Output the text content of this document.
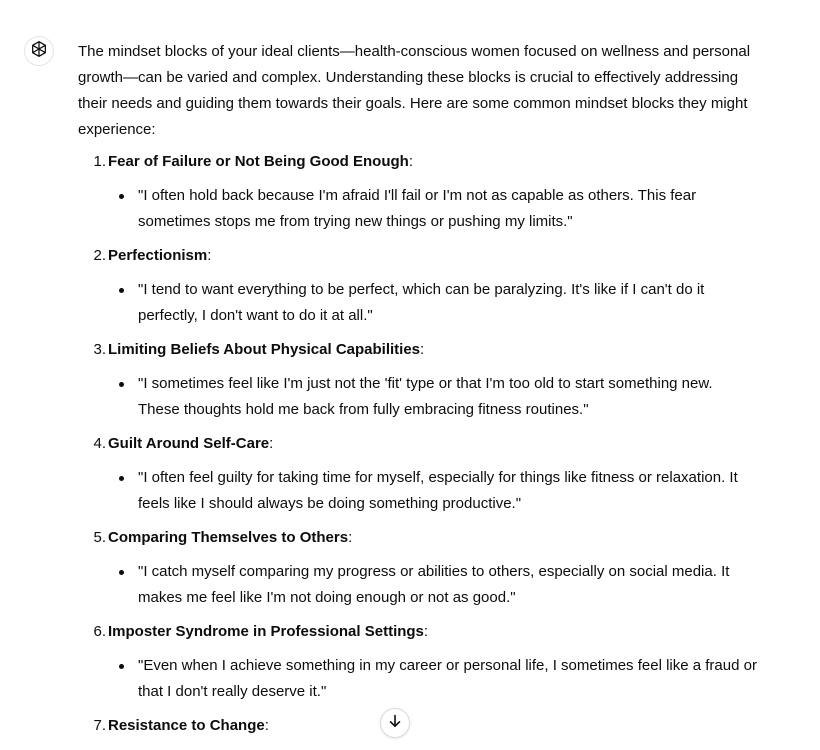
The mindset blocks of your ideal clients—health-conscious women focused on wellness and personal growth—can be varied and complex. Understanding these blocks is crucial to effectively addressing their needs and guiding them towards their goals. Here are some common mindset blocks they might experience:

1. Fear of Failure or Not Being Good Enough:
"I often hold back because I'm afraid I'll fail or I'm not as capable as others. This fear sometimes stops me from trying new things or pushing my limits."
2. Perfectionism:
"I tend to want everything to be perfect, which can be paralyzing. It's like if I can't do it perfectly, I don't want to do it at all."
3. Limiting Beliefs About Physical Capabilities:
"I sometimes feel like I'm just not the 'fit' type or that I'm too old to start something new. These thoughts hold me back from fully embracing fitness routines."
4. Guilt Around Self-Care:
"I often feel guilty for taking time for myself, especially for things like fitness or relaxation. It feels like I should always be doing something productive."
5. Comparing Themselves to Others:
"I catch myself comparing my progress or abilities to others, especially on social media. It makes me feel like I'm not doing enough or not as good."
6. Imposter Syndrome in Professional Settings:
"Even when I achieve something in my career or personal life, I sometimes feel like a fraud or that I don't really deserve it."
7. Resistance to Change:
